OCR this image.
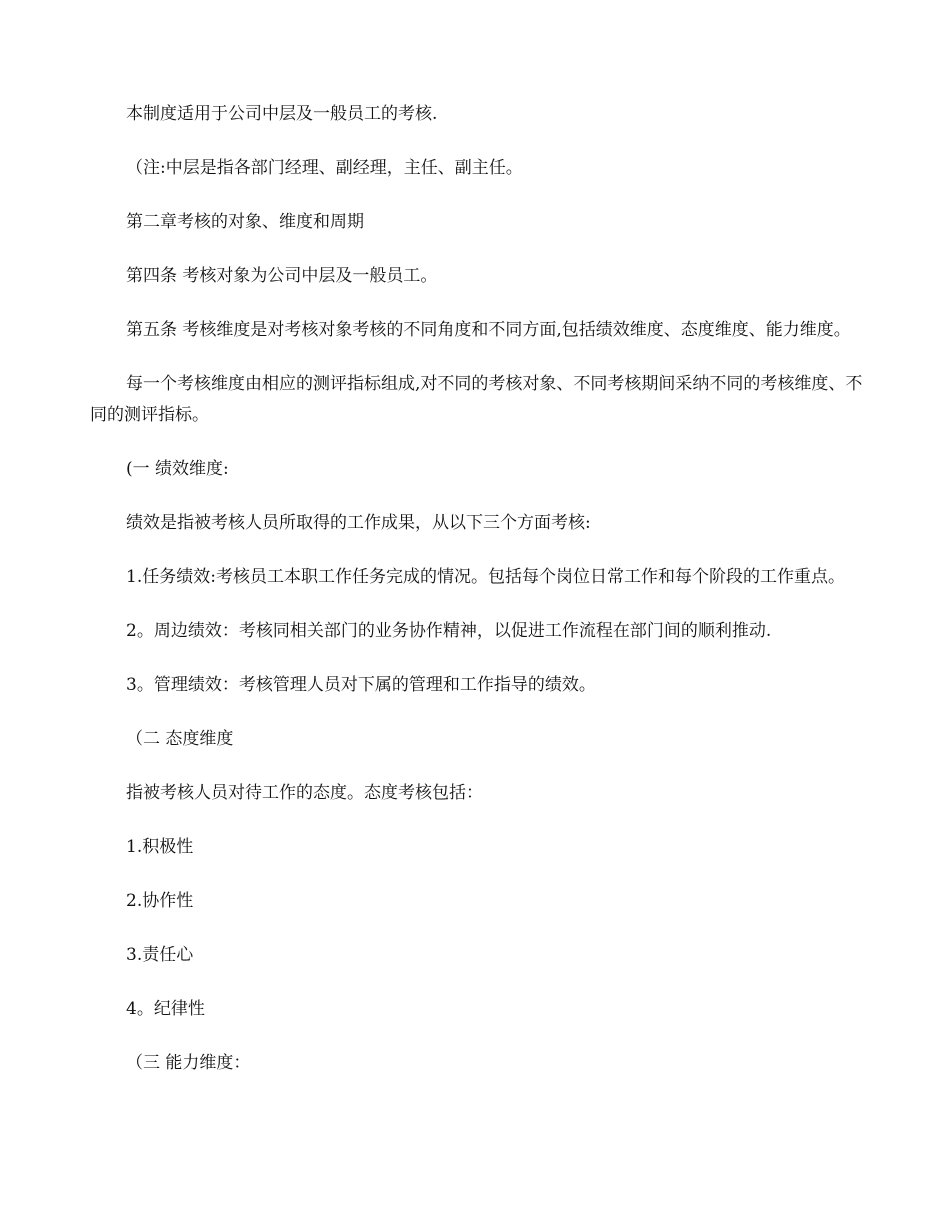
本制度适用于公司中层及一般员工的考核.

（注:中层是指各部门经理、副经理，主任、副主任。

第二章考核的对象、维度和周期

第四条 考核对象为公司中层及一般员工。

第五条 考核维度是对考核对象考核的不同角度和不同方面,包括绩效维度、态度维度、能力维度。

每一个考核维度由相应的测评指标组成,对不同的考核对象、不同考核期间采纳不同的考核维度、不同的测评指标。

(一 绩效维度:

绩效是指被考核人员所取得的工作成果，从以下三个方面考核:

1.任务绩效:考核员工本职工作任务完成的情况。包括每个岗位日常工作和每个阶段的工作重点。

2。周边绩效：考核同相关部门的业务协作精神，以促进工作流程在部门间的顺利推动.

3。管理绩效：考核管理人员对下属的管理和工作指导的绩效。

（二 态度维度

指被考核人员对待工作的态度。态度考核包括：

1.积极性

2.协作性

3.责任心

4。纪律性

（三 能力维度：
